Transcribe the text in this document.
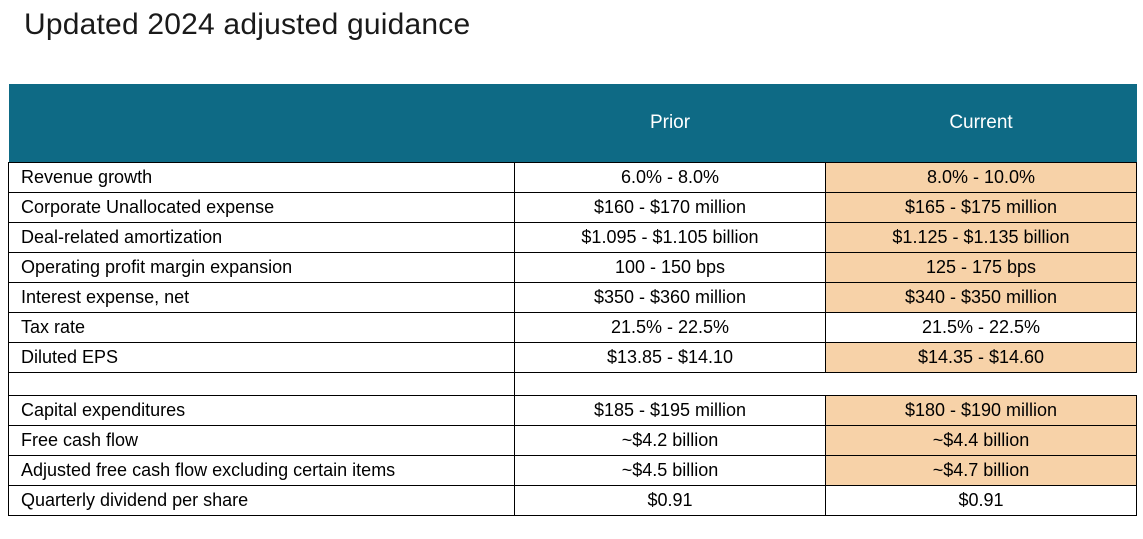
Updated 2024 adjusted guidance
	Prior	Current
Revenue growth	6.0% - 8.0%	8.0% - 10.0%
Corporate Unallocated expense	$160 - $170 million	$165 - $175 million
Deal-related amortization	$1.095 - $1.105 billion	$1.125 - $1.135 billion
Operating profit margin expansion	100 - 150 bps	125 - 175 bps
Interest expense, net	$350 - $360 million	$340 - $350 million
Tax rate	21.5% - 22.5%	21.5% - 22.5%
Diluted EPS	$13.85 - $14.10	$14.35 - $14.60

Capital expenditures	$185 - $195 million	$180 - $190 million
Free cash flow	~$4.2 billion	~$4.4 billion
Adjusted free cash flow excluding certain items	~$4.5 billion	~$4.7 billion
Quarterly dividend per share	$0.91	$0.91
